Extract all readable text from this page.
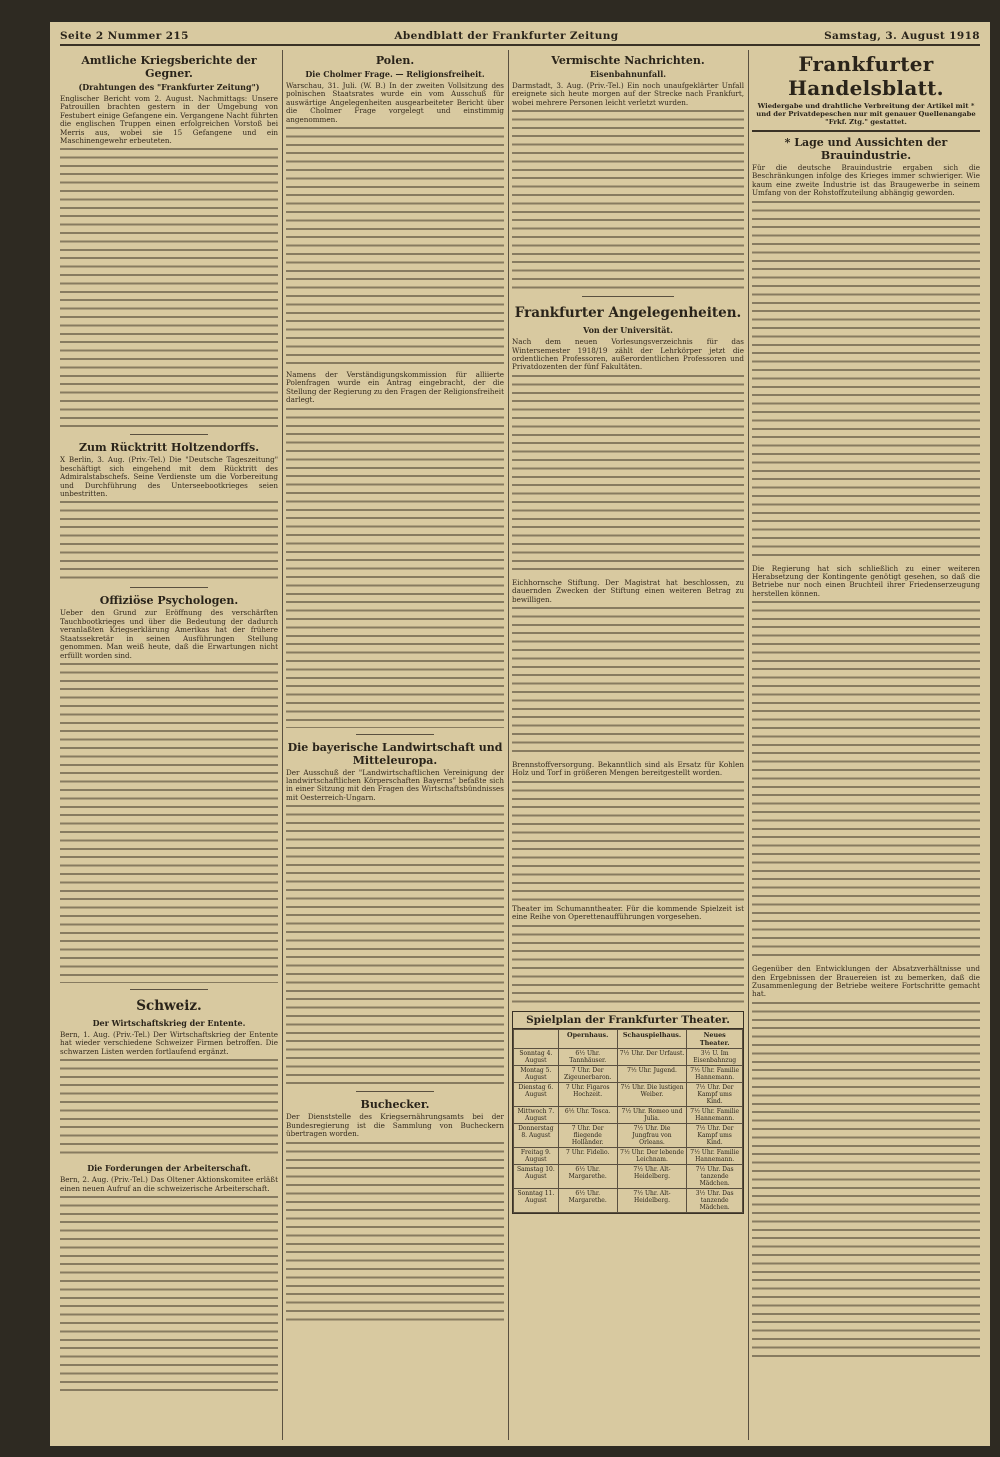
Seite 2 Nummer 215	Abendblatt der Frankfurter Zeitung	Samstag, 3. August 1918
Amtliche Kriegsberichte der Gegner.
(Drahtungen des "Frankfurter Zeitung")

Englischer Bericht vom 2. August. Nachmittags: Unsere Patrouillen brachten gestern in der Umgebung von Festubert einige Gefangene ein. Vergangene Nacht führten die englischen Truppen einen erfolgreichen Vorstoß bei Merris aus, wobei sie 15 Gefangene und ein Maschinengewehr erbeuteten.

Zum Rücktritt Holtzendorffs.

X Berlin, 3. Aug. (Priv.-Tel.) Die "Deutsche Tageszeitung" beschäftigt sich eingehend mit dem Rücktritt des Admiralstabschefs. Seine Verdienste um die Vorbereitung und Durchführung des Unterseebootkrieges seien unbestritten.

Offiziöse Psychologen.

Ueber den Grund zur Eröffnung des verschärften Tauchbootkrieges und über die Bedeutung der dadurch veranlaßten Kriegserklärung Amerikas hat der frühere Staatssekretär in seinen Ausführungen Stellung genommen. Man weiß heute, daß die Erwartungen nicht erfüllt worden sind.

Schweiz.
Der Wirtschaftskrieg der Entente.

Bern, 1. Aug. (Priv.-Tel.) Der Wirtschaftskrieg der Entente hat wieder verschiedene Schweizer Firmen betroffen. Die schwarzen Listen werden fortlaufend ergänzt.

Die Forderungen der Arbeiterschaft.

Bern, 2. Aug. (Priv.-Tel.) Das Oltener Aktionskomitee erläßt einen neuen Aufruf an die schweizerische Arbeiterschaft.

Polen.
Die Cholmer Frage. — Religionsfreiheit.

Warschau, 31. Juli. (W. B.) In der zweiten Vollsitzung des polnischen Staatsrates wurde ein vom Ausschuß für auswärtige Angelegenheiten ausgearbeiteter Bericht über die Cholmer Frage vorgelegt und einstimmig angenommen.

Namens der Verständigungskommission für alliierte Polenfragen wurde ein Antrag eingebracht, der die Stellung der Regierung zu den Fragen der Religionsfreiheit darlegt.

Die bayerische Landwirtschaft und Mitteleuropa.

Der Ausschuß der "Landwirtschaftlichen Vereinigung der landwirtschaftlichen Körperschaften Bayerns" befaßte sich in einer Sitzung mit den Fragen des Wirtschaftsbündnisses mit Oesterreich-Ungarn.

Buchecker.

Der Dienststelle des Kriegsernährungsamts bei der Bundesregierung ist die Sammlung von Bucheckern übertragen worden.

Vermischte Nachrichten.
Eisenbahnunfall.

Darmstadt, 3. Aug. (Priv.-Tel.) Ein noch unaufgeklärter Unfall ereignete sich heute morgen auf der Strecke nach Frankfurt, wobei mehrere Personen leicht verletzt wurden.

Frankfurter Angelegenheiten.
Von der Universität.

Nach dem neuen Vorlesungsverzeichnis für das Wintersemester 1918/19 zählt der Lehrkörper jetzt die ordentlichen Professoren, außerordentlichen Professoren und Privatdozenten der fünf Fakultäten.

Eichhornsche Stiftung. Der Magistrat hat beschlossen, zu dauernden Zwecken der Stiftung einen weiteren Betrag zu bewilligen.

Brennstoffversorgung. Bekanntlich sind als Ersatz für Kohlen Holz und Torf in größeren Mengen bereitgestellt worden.

Theater im Schumanntheater. Für die kommende Spielzeit ist eine Reihe von Operettenaufführungen vorgesehen.

Spielplan der Frankfurter Theater.
	Opernhaus.	Schauspielhaus.	Neues Theater.
Sonntag 4. August	6½ Uhr. Tannhäuser.	7½ Uhr. Der Urfaust.	3½ U. Im Eisenbahnzug
Montag 5. August	7 Uhr. Der Zigeunerbaron.	7½ Uhr. Jugend.	7½ Uhr. Familie Hannemann.
Dienstag 6. August	7 Uhr. Figaros Hochzeit.	7½ Uhr. Die lustigen Weiber.	7½ Uhr. Der Kampf ums Kind.
Mittwoch 7. August	6½ Uhr. Tosca.	7½ Uhr. Romeo und Julia.	7½ Uhr. Familie Hannemann.
Donnerstag 8. August	7 Uhr. Der fliegende Holländer.	7½ Uhr. Die Jungfrau von Orleans.	7½ Uhr. Der Kampf ums Kind.
Freitag 9. August	7 Uhr. Fidelio.	7½ Uhr. Der lebende Leichnam.	7½ Uhr. Familie Hannemann.
Samstag 10. August	6½ Uhr. Margarethe.	7½ Uhr. Alt-Heidelberg.	7½ Uhr. Das tanzende Mädchen.
Sonntag 11. August	6½ Uhr. Margarethe.	7½ Uhr. Alt-Heidelberg.	3½ Uhr. Das tanzende Mädchen.
Frankfurter Handelsblatt.
Wiedergabe und drahtliche Verbreitung der Artikel mit * und der Privatdepeschen nur mit genauer Quellenangabe "Frkf. Ztg." gestattet.
* Lage und Aussichten der Brauindustrie.

Für die deutsche Brauindustrie ergaben sich die Beschränkungen infolge des Krieges immer schwieriger. Wie kaum eine zweite Industrie ist das Braugewerbe in seinem Umfang von der Rohstoffzuteilung abhängig geworden.

Die Regierung hat sich schließlich zu einer weiteren Herabsetzung der Kontingente genötigt gesehen, so daß die Betriebe nur noch einen Bruchteil ihrer Friedenserzeugung herstellen können.

Gegenüber den Entwicklungen der Absatzverhältnisse und den Ergebnissen der Brauereien ist zu bemerken, daß die Zusammenlegung der Betriebe weitere Fortschritte gemacht hat.
